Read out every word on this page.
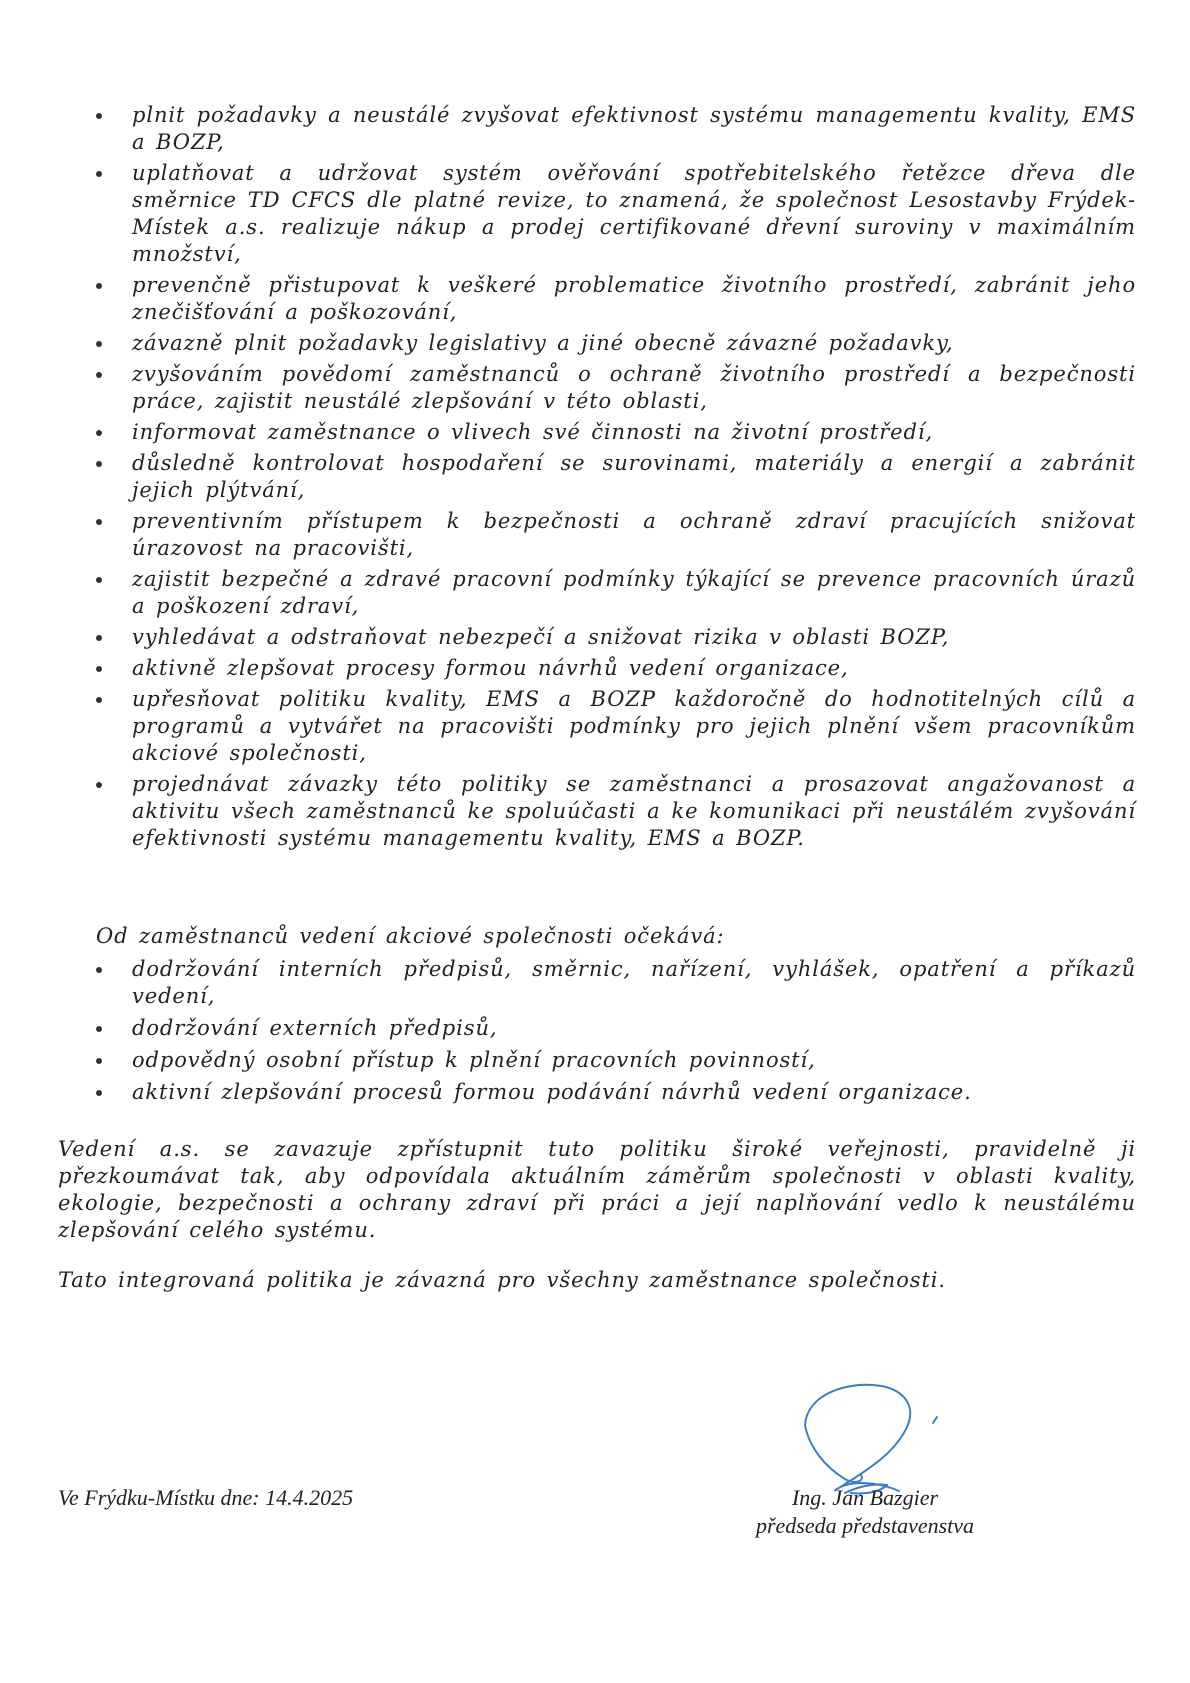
plnit požadavky a neustálé zvyšovat efektivnost systému managementu kvality, EMS a BOZP,
uplatňovat a udržovat systém ověřování spotřebitelského řetězce dřeva dle směrnice TD CFCS dle platné revize, to znamená, že společnost Lesostavby Frýdek-Místek a.s. realizuje nákup a prodej certifikované dřevní suroviny v maximálním množství,
prevenčně přistupovat k veškeré problematice životního prostředí, zabránit jeho znečišťování a poškozování,
závazně plnit požadavky legislativy a jiné obecně závazné požadavky,
zvyšováním povědomí zaměstnanců o ochraně životního prostředí a bezpečnosti práce, zajistit neustálé zlepšování v této oblasti,
informovat zaměstnance o vlivech své činnosti na životní prostředí,
důsledně kontrolovat hospodaření se surovinami, materiály a energií a zabránit jejich plýtvání,
preventivním přístupem k bezpečnosti a ochraně zdraví pracujících snižovat úrazovost na pracovišti,
zajistit bezpečné a zdravé pracovní podmínky týkající se prevence pracovních úrazů a poškození zdraví,
vyhledávat a odstraňovat nebezpečí a snižovat rizika v oblasti BOZP,
aktivně zlepšovat procesy formou návrhů vedení organizace,
upřesňovat politiku kvality, EMS a BOZP každoročně do hodnotitelných cílů a programů a vytvářet na pracovišti podmínky pro jejich plnění všem pracovníkům akciové společnosti,
projednávat závazky této politiky se zaměstnanci a prosazovat angažovanost a aktivitu všech zaměstnanců ke spoluúčasti a ke komunikaci při neustálém zvyšování efektivnosti systému managementu kvality, EMS a BOZP.

Od zaměstnanců vedení akciové společnosti očekává:

dodržování interních předpisů, směrnic, nařízení, vyhlášek, opatření a příkazů vedení,
dodržování externích předpisů,
odpovědný osobní přístup k plnění pracovních povinností,
aktivní zlepšování procesů formou podávání návrhů vedení organizace.

Vedení a.s. se zavazuje zpřístupnit tuto politiku široké veřejnosti, pravidelně ji přezkoumávat tak, aby odpovídala aktuálním záměrům společnosti v oblasti kvality, ekologie, bezpečnosti a ochrany zdraví při práci a její naplňování vedlo k neustálému zlepšování celého systému.

Tato integrovaná politika je závazná pro všechny zaměstnance společnosti.

Ve Frýdku-Místku dne: 14.4.2025	Ing. Jan Bazgier
předseda představenstva
